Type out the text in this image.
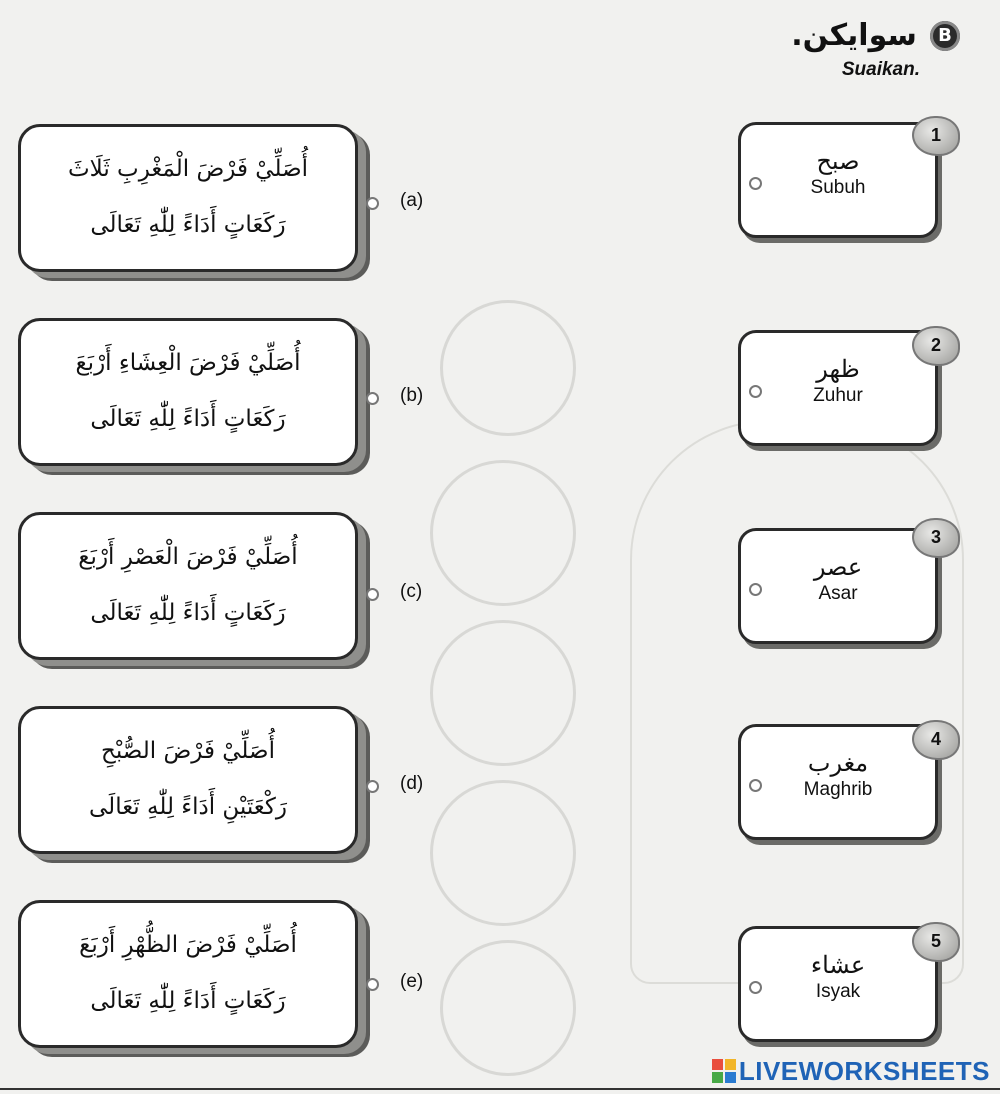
سوايكن. B
Suaikan.
أُصَلِّيْ فَرْضَ الْمَغْرِبِ ثَلَاثَ
رَكَعَاتٍ أَدَاءً لِلّٰهِ تَعَالَى
(a)
أُصَلِّيْ فَرْضَ الْعِشَاءِ أَرْبَعَ
رَكَعَاتٍ أَدَاءً لِلّٰهِ تَعَالَى
(b)
أُصَلِّيْ فَرْضَ الْعَصْرِ أَرْبَعَ
رَكَعَاتٍ أَدَاءً لِلّٰهِ تَعَالَى
(c)
أُصَلِّيْ فَرْضَ الصُّبْحِ
رَكْعَتَيْنِ أَدَاءً لِلّٰهِ تَعَالَى
(d)
أُصَلِّيْ فَرْضَ الظُّهْرِ أَرْبَعَ
رَكَعَاتٍ أَدَاءً لِلّٰهِ تَعَالَى
(e)
صبح
Subuh
1
ظهر
Zuhur
2
عصر
Asar
3
مغرب
Maghrib
4
عشاء
Isyak
5
LIVEWORKSHEETS
